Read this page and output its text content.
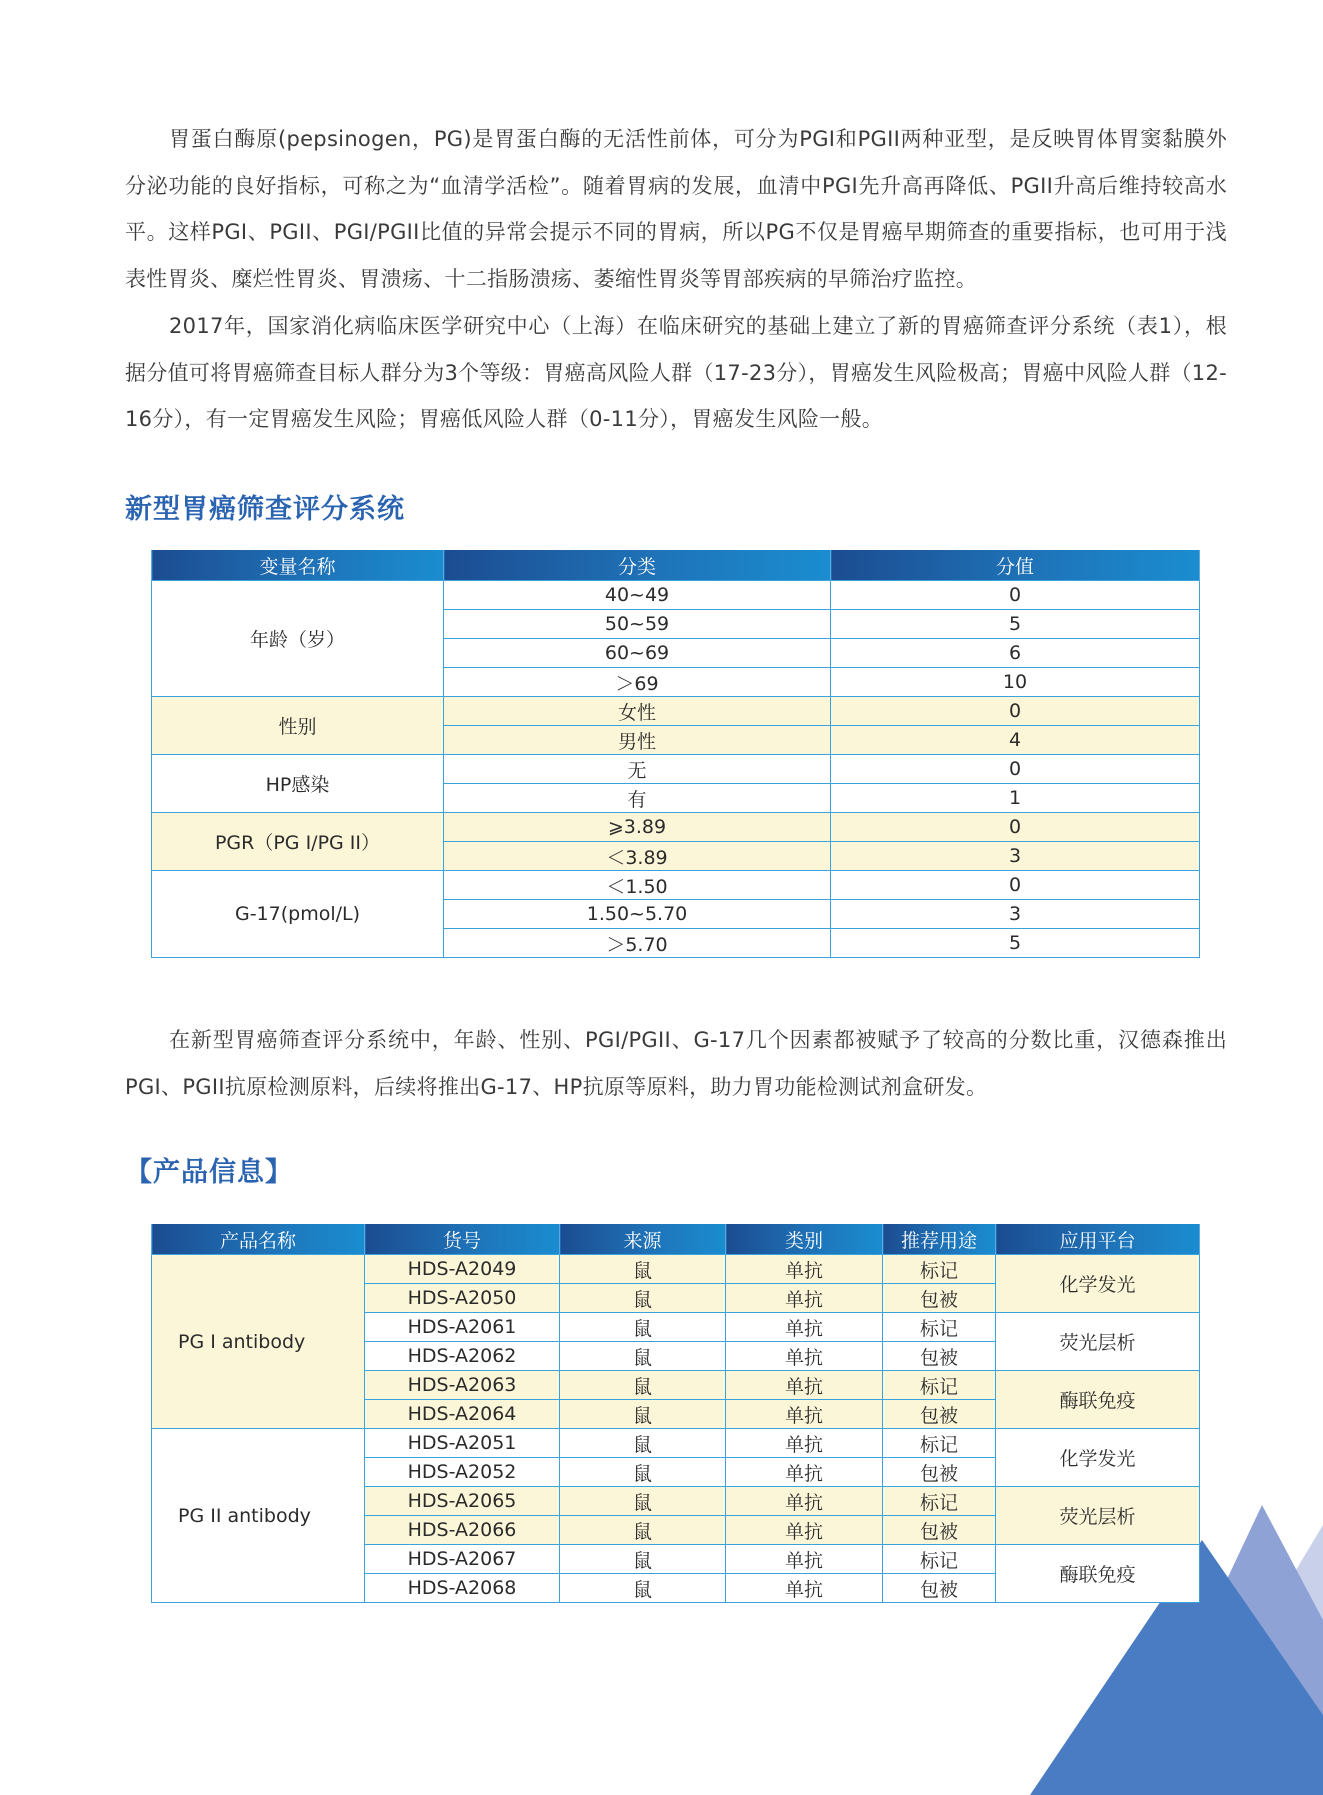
胃蛋白酶原(pepsinogen，PG)是胃蛋白酶的无活性前体，可分为PGI和PGII两种亚型，是反映胃体胃窦黏膜外分泌功能的良好指标，可称之为“血清学活检”。随着胃病的发展，血清中PGI先升高再降低、PGII升高后维持较高水平。这样PGI、PGII、PGI/PGII比值的异常会提示不同的胃病，所以PG不仅是胃癌早期筛查的重要指标，也可用于浅表性胃炎、糜烂性胃炎、胃溃疡、十二指肠溃疡、萎缩性胃炎等胃部疾病的早筛治疗监控。

2017年，国家消化病临床医学研究中心（上海）在临床研究的基础上建立了新的胃癌筛查评分系统（表1），根据分值可将胃癌筛查目标人群分为3个等级：胃癌高风险人群（17-23分），胃癌发生风险极高；胃癌中风险人群（12-16分），有一定胃癌发生风险；胃癌低风险人群（0-11分），胃癌发生风险一般。

新型胃癌筛查评分系统
变量名称	分类	分值
年龄（岁）	40~49	0
	50~59	5
	60~69	6
	＞69	10
性别	女性	0
	男性	4
HP感染	无	0
	有	1
PGR（PG I/PG II）	⩾3.89	0
	＜3.89	3
G-17(pmol/L)	＜1.50	0
	1.50~5.70	3
	＞5.70	5

在新型胃癌筛查评分系统中，年龄、性别、PGI/PGII、G-17几个因素都被赋予了较高的分数比重，汉德森推出PGI、PGII抗原检测原料，后续将推出G-17、HP抗原等原料，助力胃功能检测试剂盒研发。

【产品信息】
产品名称	货号	来源	类别	推荐用途	应用平台
PG I antibody	HDS-A2049	鼠	单抗	标记	化学发光
	HDS-A2050	鼠	单抗	包被	
	HDS-A2061	鼠	单抗	标记	荧光层析
	HDS-A2062	鼠	单抗	包被	
	HDS-A2063	鼠	单抗	标记	酶联免疫
	HDS-A2064	鼠	单抗	包被	
PG II antibody	HDS-A2051	鼠	单抗	标记	化学发光
	HDS-A2052	鼠	单抗	包被	
	HDS-A2065	鼠	单抗	标记	荧光层析
	HDS-A2066	鼠	单抗	包被	
	HDS-A2067	鼠	单抗	标记	酶联免疫
	HDS-A2068	鼠	单抗	包被	
